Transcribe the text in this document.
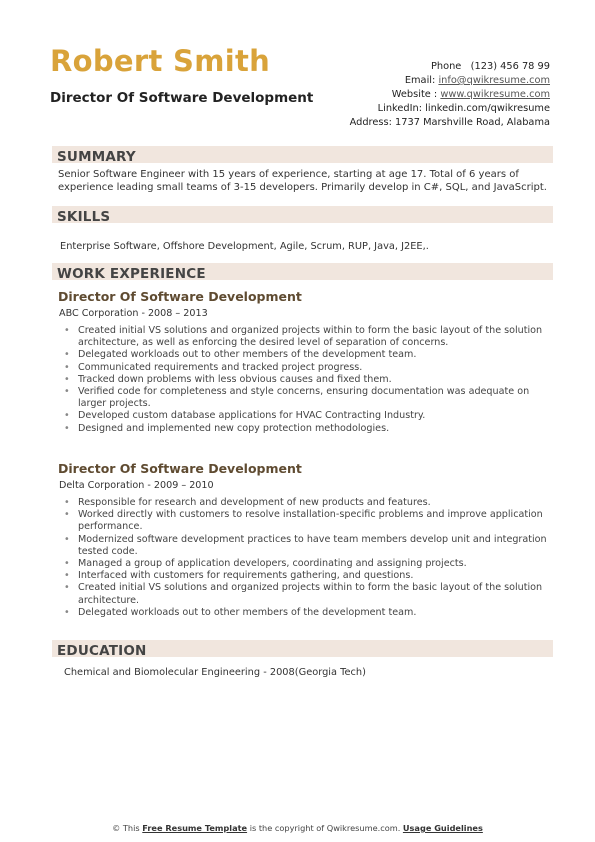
Robert Smith
Director Of Software Development
Phone (123) 456 78 99
Email: info@qwikresume.com
Website : www.qwikresume.com
LinkedIn: linkedin.com/qwikresume
Address: 1737 Marshville Road, Alabama
SUMMARY
Senior Software Engineer with 15 years of experience, starting at age 17. Total of 6 years of experience leading small teams of 3-15 developers. Primarily develop in C#, SQL, and JavaScript.
SKILLS
Enterprise Software, Offshore Development, Agile, Scrum, RUP, Java, J2EE,.
WORK EXPERIENCE
Director Of Software Development
ABC Corporation - 2008 – 2013
• Created initial VS solutions and organized projects within to form the basic layout of the solution architecture, as well as enforcing the desired level of separation of concerns.
• Delegated workloads out to other members of the development team.
• Communicated requirements and tracked project progress.
• Tracked down problems with less obvious causes and fixed them.
• Verified code for completeness and style concerns, ensuring documentation was adequate on larger projects.
• Developed custom database applications for HVAC Contracting Industry.
• Designed and implemented new copy protection methodologies.
Director Of Software Development
Delta Corporation - 2009 – 2010
• Responsible for research and development of new products and features.
• Worked directly with customers to resolve installation-specific problems and improve application performance.
• Modernized software development practices to have team members develop unit and integration tested code.
• Managed a group of application developers, coordinating and assigning projects.
• Interfaced with customers for requirements gathering, and questions.
• Created initial VS solutions and organized projects within to form the basic layout of the solution architecture.
• Delegated workloads out to other members of the development team.
EDUCATION
Chemical and Biomolecular Engineering - 2008(Georgia Tech)
© This Free Resume Template is the copyright of Qwikresume.com. Usage Guidelines
